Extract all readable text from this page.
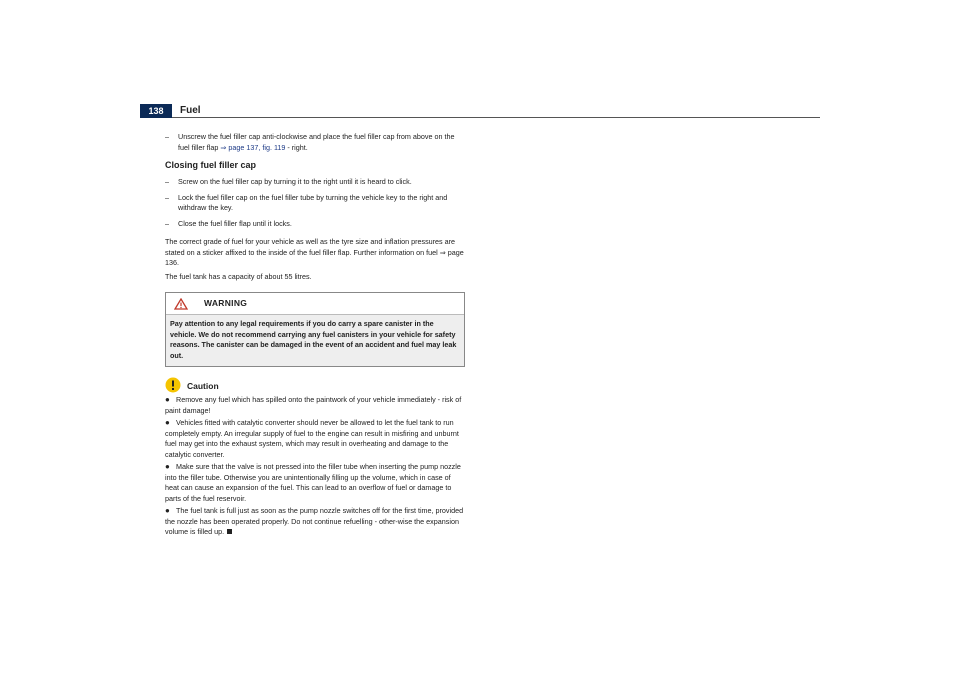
138	Fuel
– Unscrew the fuel filler cap anti-clockwise and place the fuel filler cap from above on the fuel filler flap ⇒ page 137, fig. 119 - right.
Closing fuel filler cap
– Screw on the fuel filler cap by turning it to the right until it is heard to click.
– Lock the fuel filler cap on the fuel filler tube by turning the vehicle key to the right and withdraw the key.
– Close the fuel filler flap until it locks.

The correct grade of fuel for your vehicle as well as the tyre size and inflation pressures are stated on a sticker affixed to the inside of the fuel filler flap. Further information on fuel ⇒ page 136.

The fuel tank has a capacity of about 55 litres.

WARNING
Pay attention to any legal requirements if you do carry a spare canister in the vehicle. We do not recommend carrying any fuel canisters in your vehicle for safety reasons. The canister can be damaged in the event of an accident and fuel may leak out.
Caution
● Remove any fuel which has spilled onto the paintwork of your vehicle immediately - risk of paint damage!
● Vehicles fitted with catalytic converter should never be allowed to let the fuel tank to run completely empty. An irregular supply of fuel to the engine can result in misfiring and unburnt fuel may get into the exhaust system, which may result in overheating and damage to the catalytic converter.
● Make sure that the valve is not pressed into the filler tube when inserting the pump nozzle into the filler tube. Otherwise you are unintentionally filling up the volume, which in case of heat can cause an expansion of the fuel. This can lead to an overflow of fuel or damage to parts of the fuel reservoir.
● The fuel tank is full just as soon as the pump nozzle switches off for the first time, provided the nozzle has been operated properly. Do not continue refuelling - other-wise the expansion volume is filled up.
